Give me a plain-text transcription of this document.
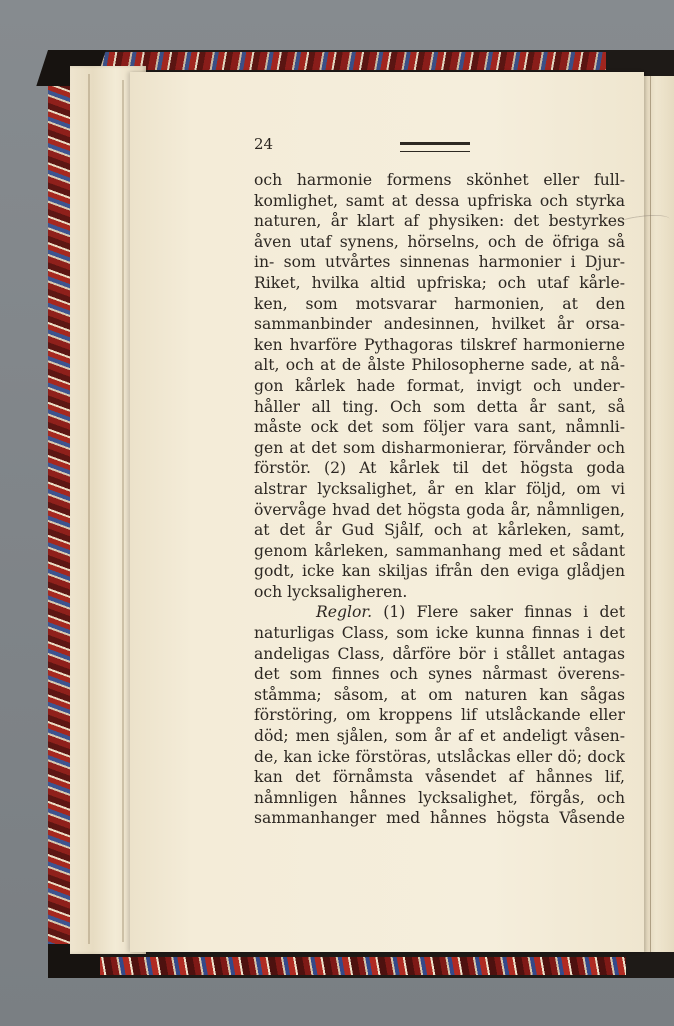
24
och harmonie formens skönhet eller full-
komlighet, samt at dessa upfriska och styrka
naturen, år klart af physiken: det bestyrkes
åven utaf synens, hörselns, och de öfriga så
in- som utvårtes sinnenas harmonier i Djur-
Riket, hvilka altid upfriska; och utaf kårle-
ken, som motsvarar harmonien, at den
sammanbinder andesinnen, hvilket år orsa-
ken hvarföre Pythagoras tilskref harmonierne
alt, och at de ålste Philosopherne sade, at nå-
gon kårlek hade format, invigt och under-
håller all ting. Och som detta år sant, så
måste ock det som följer vara sant, nåmnli-
gen at det som disharmonierar, förvånder och
förstör. (2) At kårlek til det högsta goda
alstrar lycksalighet, år en klar följd, om vi
övervåge hvad det högsta goda år, nåmnligen,
at det år Gud Sjålf, och at kårleken, samt,
genom kårleken, sammanhang med et sådant
godt, icke kan skiljas ifrån den eviga glådjen
och lycksaligheren.
Reglor. (1) Flere saker finnas i det
naturligas Class, som icke kunna finnas i det
andeligas Class, dårföre bör i stållet antagas
det som finnes och synes nårmast överens-
ståmma; såsom, at om naturen kan sågas
förstöring, om kroppens lif utslåckande eller
död; men sjålen, som år af et andeligt våsen-
de, kan icke förstöras, utslåckas eller dö; dock
kan det förnåmsta våsendet af hånnes lif,
nåmnligen hånnes lycksalighet, förgås, och
sammanhanger med hånnes högsta Våsende
